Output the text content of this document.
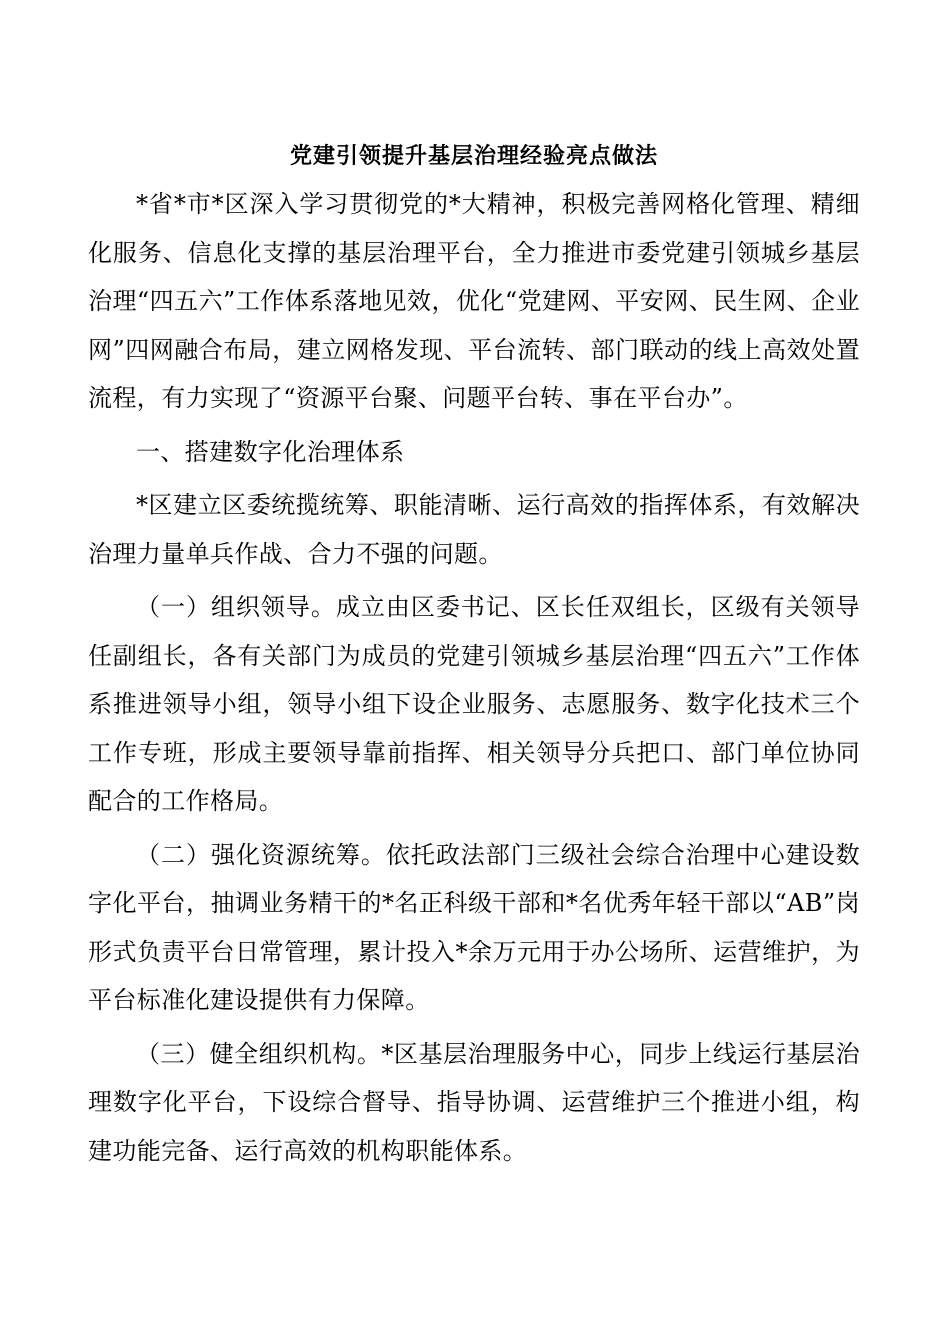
党建引领提升基层治理经验亮点做法

*省*市*区深入学习贯彻党的*大精神，积极完善网格化管理、精细化服务、信息化支撑的基层治理平台，全力推进市委党建引领城乡基层治理“四五六”工作体系落地见效，优化“党建网、平安网、民生网、企业网”四网融合布局，建立网格发现、平台流转、部门联动的线上高效处置流程，有力实现了“资源平台聚、问题平台转、事在平台办”。

一、搭建数字化治理体系

*区建立区委统揽统筹、职能清晰、运行高效的指挥体系，有效解决治理力量单兵作战、合力不强的问题。

（一）组织领导。成立由区委书记、区长任双组长，区级有关领导任副组长，各有关部门为成员的党建引领城乡基层治理“四五六”工作体系推进领导小组，领导小组下设企业服务、志愿服务、数字化技术三个工作专班，形成主要领导靠前指挥、相关领导分兵把口、部门单位协同配合的工作格局。

（二）强化资源统筹。依托政法部门三级社会综合治理中心建设数字化平台，抽调业务精干的*名正科级干部和*名优秀年轻干部以“AB”岗形式负责平台日常管理，累计投入*余万元用于办公场所、运营维护，为平台标准化建设提供有力保障。

（三）健全组织机构。*区基层治理服务中心，同步上线运行基层治理数字化平台，下设综合督导、指导协调、运营维护三个推进小组，构建功能完备、运行高效的机构职能体系。
